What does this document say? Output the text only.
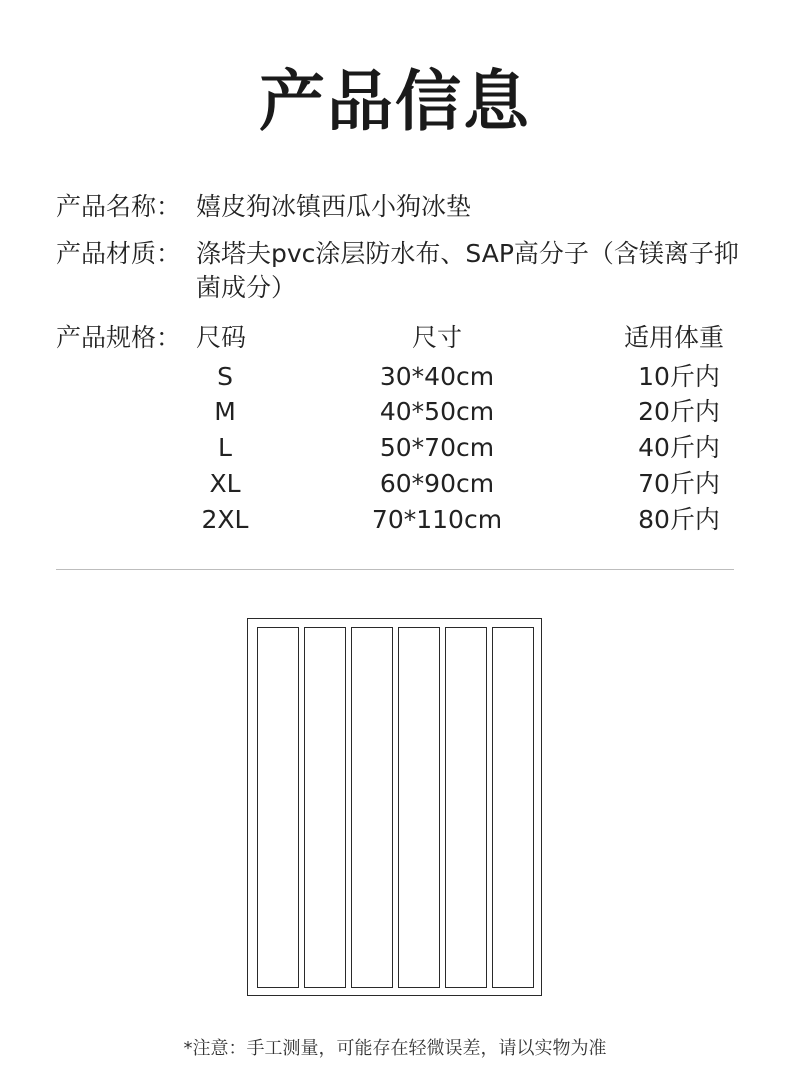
产品信息
产品名称： 嬉皮狗冰镇西瓜小狗冰垫
产品材质： 涤塔夫pvc涂层防水布、SAP高分子（含镁离子抑菌成分）
产品规格： 尺码	尺寸	适用体重
S	30*40cm	10斤内
M	40*50cm	20斤内
L	50*70cm	40斤内
XL	60*90cm	70斤内
2XL	70*110cm	80斤内
*注意：手工测量，可能存在轻微误差，请以实物为准
